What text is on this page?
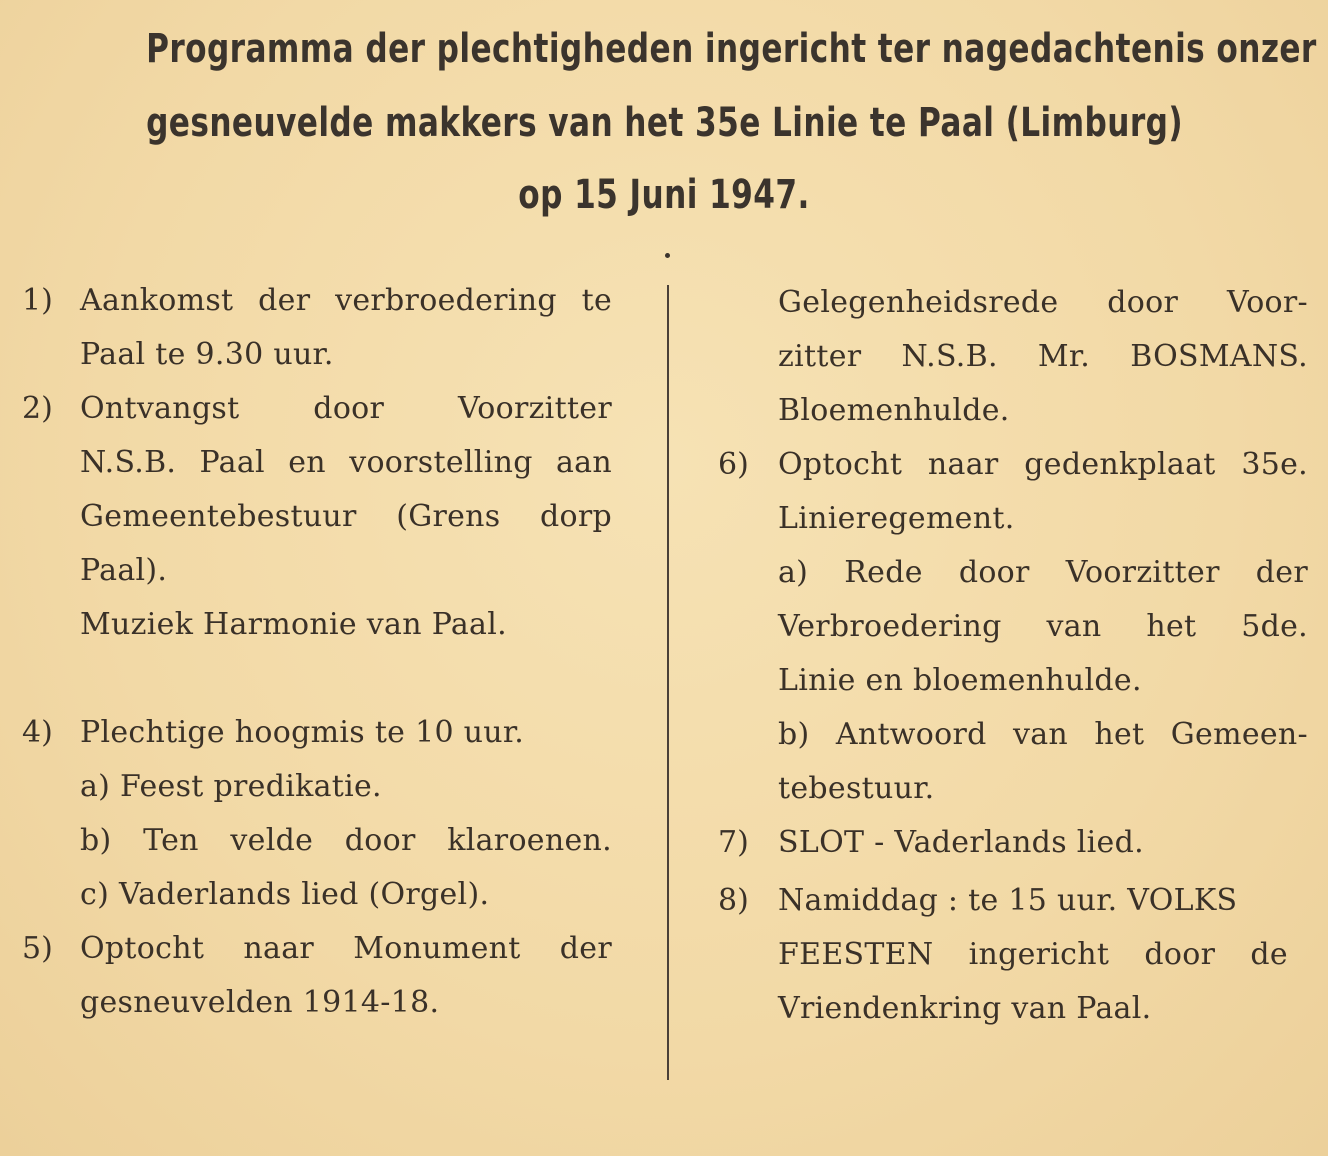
Programma der plechtigheden ingericht ter nagedachtenis onzer
gesneuvelde makkers van het 35e Linie te Paal (Limburg)
op 15 Juni 1947.
1) Aankomst der verbroedering te
Paal te 9.30 uur.
2) Ontvangst door Voorzitter
N.S.B. Paal en voorstelling aan
Gemeentebestuur (Grens dorp
Paal).
Muziek Harmonie van Paal.
4) Plechtige hoogmis te 10 uur.
a) Feest predikatie.
b) Ten velde door klaroenen.
c) Vaderlands lied (Orgel).
5) Optocht naar Monument der
gesneuvelden 1914-18.
Gelegenheidsrede door Voor-
zitter N.S.B. Mr. BOSMANS.
Bloemenhulde.
6) Optocht naar gedenkplaat 35e.
Linieregement.
a) Rede door Voorzitter der
Verbroedering van het 5de.
Linie en bloemenhulde.
b) Antwoord van het Gemeen-
tebestuur.
7) SLOT - Vaderlands lied.
8) Namiddag : te 15 uur. VOLKS
FEESTEN ingericht door de
Vriendenkring van Paal.
